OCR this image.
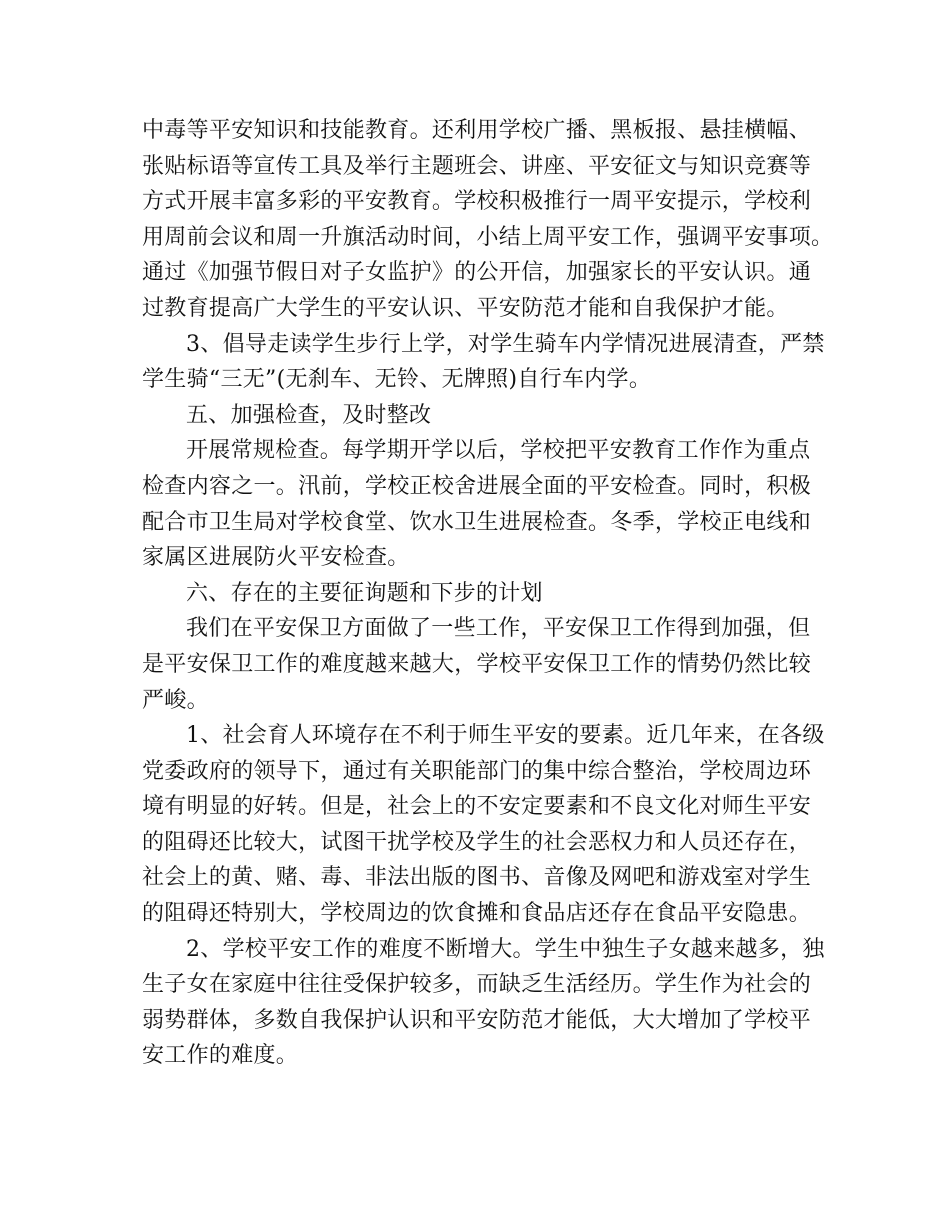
中毒等平安知识和技能教育。还利用学校广播、黑板报、悬挂横幅、
张贴标语等宣传工具及举行主题班会、讲座、平安征文与知识竞赛等
方式开展丰富多彩的平安教育。学校积极推行一周平安提示，学校利
用周前会议和周一升旗活动时间，小结上周平安工作，强调平安事项。
通过《加强节假日对子女监护》的公开信，加强家长的平安认识。通
过教育提高广大学生的平安认识、平安防范才能和自我保护才能。
3、倡导走读学生步行上学，对学生骑车内学情况进展清查，严禁
学生骑“三无”(无刹车、无铃、无牌照)自行车内学。
五、加强检查，及时整改
开展常规检查。每学期开学以后，学校把平安教育工作作为重点
检查内容之一。汛前，学校正校舍进展全面的平安检查。同时，积极
配合市卫生局对学校食堂、饮水卫生进展检查。冬季，学校正电线和
家属区进展防火平安检查。
六、存在的主要征询题和下步的计划
我们在平安保卫方面做了一些工作，平安保卫工作得到加强，但
是平安保卫工作的难度越来越大，学校平安保卫工作的情势仍然比较
严峻。
1、社会育人环境存在不利于师生平安的要素。近几年来，在各级
党委政府的领导下，通过有关职能部门的集中综合整治，学校周边环
境有明显的好转。但是，社会上的不安定要素和不良文化对师生平安
的阻碍还比较大，试图干扰学校及学生的社会恶权力和人员还存在，
社会上的黄、赌、毒、非法出版的图书、音像及网吧和游戏室对学生
的阻碍还特别大，学校周边的饮食摊和食品店还存在食品平安隐患。
2、学校平安工作的难度不断增大。学生中独生子女越来越多，独
生子女在家庭中往往受保护较多，而缺乏生活经历。学生作为社会的
弱势群体，多数自我保护认识和平安防范才能低，大大增加了学校平
安工作的难度。
